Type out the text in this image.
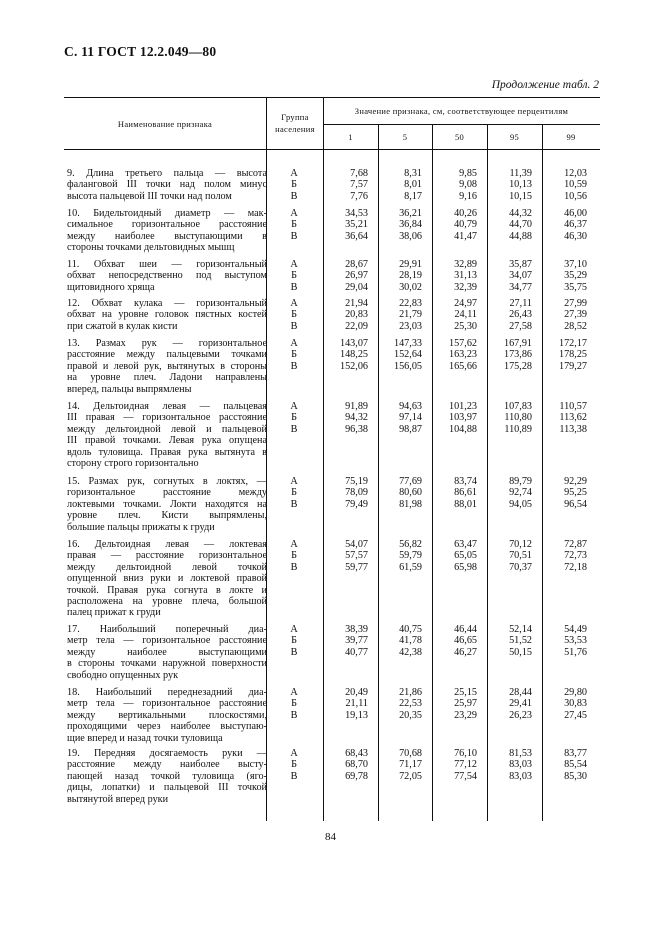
С. 11 ГОСТ 12.2.049—80
Продолжение табл. 2
Наименование признака
Группа населения
Значение признака, см, соответствующее перцентилям
1	5	50	95	99
9. Длина третьего пальца — высота
фаланговой III точки над полом минус
высота пальцевой III точки над полом
А	7,68	8,31	9,85	11,39	12,03
Б	7,57	8,01	9,08	10,13	10,59
В	7,76	8,17	9,16	10,15	10,56
10. Бидельтоидный диаметр — мак-
симальное горизонтальное расстояние
между наиболее выступающими в
стороны точками дельтовидных мышц
А	34,53	36,21	40,26	44,32	46,00
Б	35,21	36,84	40,79	44,70	46,37
В	36,64	38,06	41,47	44,88	46,30
11. Обхват шеи — горизонтальный
обхват непосредственно под выступом
щитовидного хряща
А	28,67	29,91	32,89	35,87	37,10
Б	26,97	28,19	31,13	34,07	35,29
В	29,04	30,02	32,39	34,77	35,75
12. Обхват кулака — горизонтальный
обхват на уровне головок пястных костей
при сжатой в кулак кисти
А	21,94	22,83	24,97	27,11	27,99
Б	20,83	21,79	24,11	26,43	27,39
В	22,09	23,03	25,30	27,58	28,52
13. Размах рук — горизонтальное
расстояние между пальцевыми точками
правой и левой рук, вытянутых в стороны
на уровне плеч. Ладони направлены
вперед, пальцы выпрямлены
А	143,07	147,33	157,62	167,91	172,17
Б	148,25	152,64	163,23	173,86	178,25
В	152,06	156,05	165,66	175,28	179,27
14. Дельтоидная левая — пальцевая
III правая — горизонтальное расстояние
между дельтоидной левой и пальцевой
III правой точками. Левая рука опущена
вдоль туловища. Правая рука вытянута в
сторону строго горизонтально
А	91,89	94,63	101,23	107,83	110,57
Б	94,32	97,14	103,97	110,80	113,62
В	96,38	98,87	104,88	110,89	113,38
15. Размах рук, согнутых в локтях, —
горизонтальное расстояние между
локтевыми точками. Локти находятся на
уровне плеч. Кисти выпрямлены,
большие пальцы прижаты к груди
А	75,19	77,69	83,74	89,79	92,29
Б	78,09	80,60	86,61	92,74	95,25
В	79,49	81,98	88,01	94,05	96,54
16. Дельтоидная левая — локтевая
правая — расстояние горизонтальное
между дельтоидной левой точкой
опущенной вниз руки и локтевой правой
точкой. Правая рука согнута в локте и
расположена на уровне плеча, большой
палец прижат к груди
А	54,07	56,82	63,47	70,12	72,87
Б	57,57	59,79	65,05	70,51	72,73
В	59,77	61,59	65,98	70,37	72,18
17. Наибольший поперечный диа-
метр тела — горизонтальное расстояние
между наиболее выступающими
в стороны точками наружной поверхности
свободно опущенных рук
А	38,39	40,75	46,44	52,14	54,49
Б	39,77	41,78	46,65	51,52	53,53
В	40,77	42,38	46,27	50,15	51,76
18. Наибольший переднезадний диа-
метр тела — горизонтальное расстояние
между вертикальными плоскостями,
проходящими через наиболее выступаю-
щие вперед и назад точки туловища
А	20,49	21,86	25,15	28,44	29,80
Б	21,11	22,53	25,97	29,41	30,83
В	19,13	20,35	23,29	26,23	27,45
19. Передняя досягаемость руки —
расстояние между наиболее высту-
пающей назад точкой туловища (яго-
дицы, лопатки) и пальцевой III точкой
вытянутой вперед руки
А	68,43	70,68	76,10	81,53	83,77
Б	68,70	71,17	77,12	83,03	85,54
В	69,78	72,05	77,54	83,03	85,30
84
